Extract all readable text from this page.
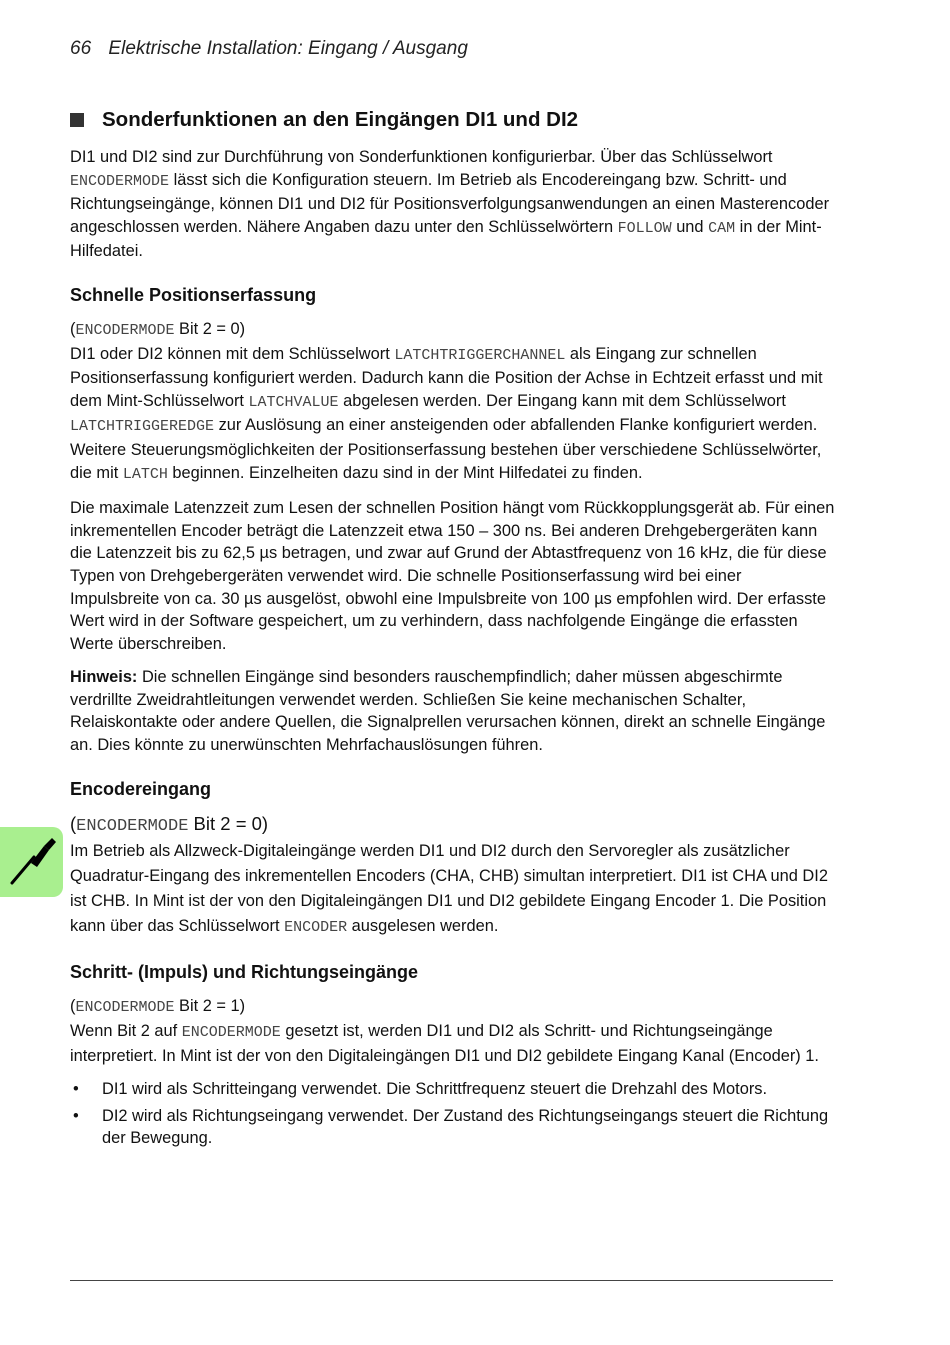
66 Elektrische Installation: Eingang / Ausgang
Sonderfunktionen an den Eingängen DI1 und DI2

DI1 und DI2 sind zur Durchführung von Sonderfunktionen konfigurierbar. Über das Schlüsselwort ENCODERMODE lässt sich die Konfiguration steuern. Im Betrieb als Encodereingang bzw. Schritt- und Richtungseingänge, können DI1 und DI2 für Positionsverfolgungsanwendungen an einen Masterencoder angeschlossen werden. Nähere Angaben dazu unter den Schlüsselwörtern FOLLOW und CAM in der Mint-Hilfedatei.

Schnelle Positionserfassung

(ENCODERMODE Bit 2 = 0)
DI1 oder DI2 können mit dem Schlüsselwort LATCHTRIGGERCHANNEL als Eingang zur schnellen Positionserfassung konfiguriert werden. Dadurch kann die Position der Achse in Echtzeit erfasst und mit dem Mint-Schlüsselwort LATCHVALUE abgelesen werden. Der Eingang kann mit dem Schlüsselwort LATCHTRIGGEREDGE zur Auslösung an einer ansteigenden oder abfallenden Flanke konfiguriert werden. Weitere Steuerungsmöglichkeiten der Positionserfassung bestehen über verschiedene Schlüsselwörter, die mit LATCH beginnen. Einzelheiten dazu sind in der Mint Hilfedatei zu finden.

Die maximale Latenzzeit zum Lesen der schnellen Position hängt vom Rückkopplungsgerät ab. Für einen inkrementellen Encoder beträgt die Latenzzeit etwa 150 – 300 ns. Bei anderen Drehgebergeräten kann die Latenzzeit bis zu 62,5 µs betragen, und zwar auf Grund der Abtastfrequenz von 16 kHz, die für diese Typen von Drehgebergeräten verwendet wird. Die schnelle Positionserfassung wird bei einer Impulsbreite von ca. 30 µs ausgelöst, obwohl eine Impulsbreite von 100 µs empfohlen wird. Der erfasste Wert wird in der Software gespeichert, um zu verhindern, dass nachfolgende Eingänge die erfassten Werte überschreiben.

Hinweis: Die schnellen Eingänge sind besonders rauschempfindlich; daher müssen abgeschirmte verdrillte Zweidrahtleitungen verwendet werden. Schließen Sie keine mechanischen Schalter, Relaiskontakte oder andere Quellen, die Signalprellen verursachen können, direkt an schnelle Eingänge an. Dies könnte zu unerwünschten Mehrfachauslösungen führen.

Encodereingang

(ENCODERMODE Bit 2 = 0)
Im Betrieb als Allzweck-Digitaleingänge werden DI1 und DI2 durch den Servoregler als zusätzlicher Quadratur-Eingang des inkrementellen Encoders (CHA, CHB) simultan interpretiert. DI1 ist CHA und DI2 ist CHB. In Mint ist der von den Digitaleingängen DI1 und DI2 gebildete Eingang Encoder 1. Die Position kann über das Schlüsselwort ENCODER ausgelesen werden.

Schritt- (Impuls) und Richtungseingänge

(ENCODERMODE Bit 2 = 1)
Wenn Bit 2 auf ENCODERMODE gesetzt ist, werden DI1 und DI2 als Schritt- und Richtungseingänge interpretiert. In Mint ist der von den Digitaleingängen DI1 und DI2 gebildete Eingang Kanal (Encoder) 1.

• DI1 wird als Schritteingang verwendet. Die Schrittfrequenz steuert die Drehzahl des Motors.
• DI2 wird als Richtungseingang verwendet. Der Zustand des Richtungseingangs steuert die Richtung der Bewegung.
